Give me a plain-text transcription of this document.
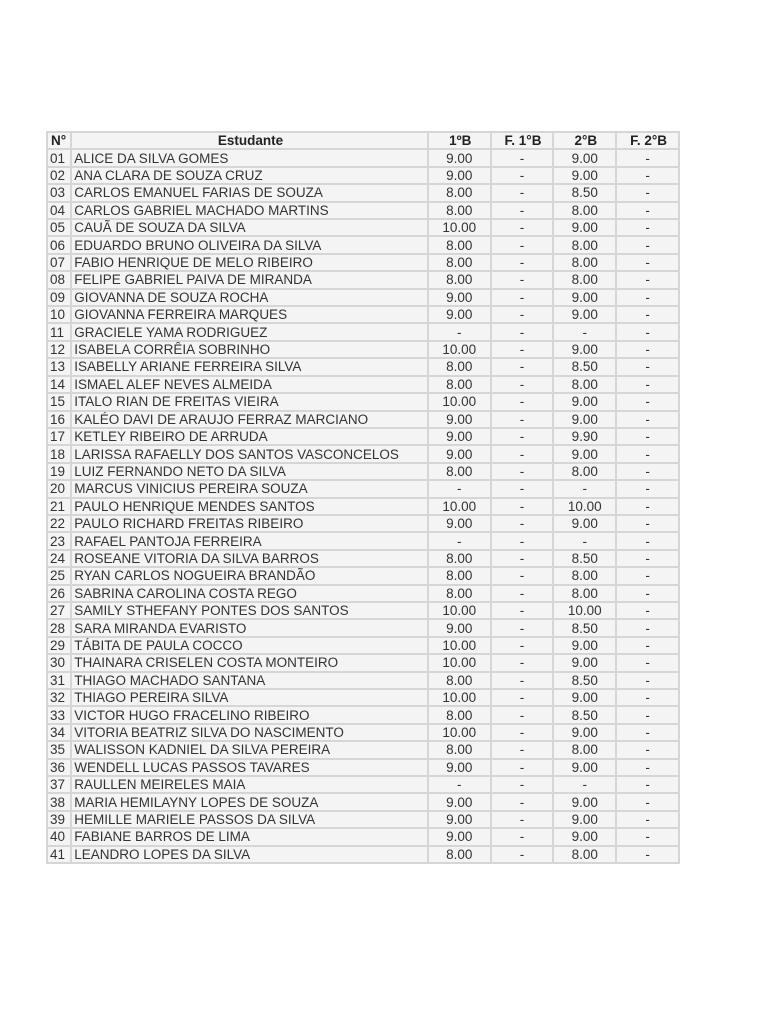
N°	Estudante	1ºB	F. 1°B	2°B	F. 2°B
01	ALICE DA SILVA GOMES	9.00	-	9.00	-
02	ANA CLARA DE SOUZA CRUZ	9.00	-	9.00	-
03	CARLOS EMANUEL FARIAS DE SOUZA	8.00	-	8.50	-
04	CARLOS GABRIEL MACHADO MARTINS	8.00	-	8.00	-
05	CAUÃ DE SOUZA DA SILVA	10.00	-	9.00	-
06	EDUARDO BRUNO OLIVEIRA DA SILVA	8.00	-	8.00	-
07	FABIO HENRIQUE DE MELO RIBEIRO	8.00	-	8.00	-
08	FELIPE GABRIEL PAIVA DE MIRANDA	8.00	-	8.00	-
09	GIOVANNA DE SOUZA ROCHA	9.00	-	9.00	-
10	GIOVANNA FERREIRA MARQUES	9.00	-	9.00	-
11	GRACIELE YAMA RODRIGUEZ	-	-	-	-
12	ISABELA CORRÊIA SOBRINHO	10.00	-	9.00	-
13	ISABELLY ARIANE FERREIRA SILVA	8.00	-	8.50	-
14	ISMAEL ALEF NEVES ALMEIDA	8.00	-	8.00	-
15	ITALO RIAN DE FREITAS VIEIRA	10.00	-	9.00	-
16	KALÉO DAVI DE ARAUJO FERRAZ MARCIANO	9.00	-	9.00	-
17	KETLEY RIBEIRO DE ARRUDA	9.00	-	9.90	-
18	LARISSA RAFAELLY DOS SANTOS VASCONCELOS	9.00	-	9.00	-
19	LUIZ FERNANDO NETO DA SILVA	8.00	-	8.00	-
20	MARCUS VINICIUS PEREIRA SOUZA	-	-	-	-
21	PAULO HENRIQUE MENDES SANTOS	10.00	-	10.00	-
22	PAULO RICHARD FREITAS RIBEIRO	9.00	-	9.00	-
23	RAFAEL PANTOJA FERREIRA	-	-	-	-
24	ROSEANE VITORIA DA SILVA BARROS	8.00	-	8.50	-
25	RYAN CARLOS NOGUEIRA BRANDÃO	8.00	-	8.00	-
26	SABRINA CAROLINA COSTA REGO	8.00	-	8.00	-
27	SAMILY STHEFANY PONTES DOS SANTOS	10.00	-	10.00	-
28	SARA MIRANDA EVARISTO	9.00	-	8.50	-
29	TÁBITA DE PAULA COCCO	10.00	-	9.00	-
30	THAINARA CRISELEN COSTA MONTEIRO	10.00	-	9.00	-
31	THIAGO MACHADO SANTANA	8.00	-	8.50	-
32	THIAGO PEREIRA SILVA	10.00	-	9.00	-
33	VICTOR HUGO FRACELINO RIBEIRO	8.00	-	8.50	-
34	VITORIA BEATRIZ SILVA DO NASCIMENTO	10.00	-	9.00	-
35	WALISSON KADNIEL DA SILVA PEREIRA	8.00	-	8.00	-
36	WENDELL LUCAS PASSOS TAVARES	9.00	-	9.00	-
37	RAULLEN MEIRELES MAIA	-	-	-	-
38	MARIA HEMILAYNY LOPES DE SOUZA	9.00	-	9.00	-
39	HEMILLE MARIELE PASSOS DA SILVA	9.00	-	9.00	-
40	FABIANE BARROS DE LIMA	9.00	-	9.00	-
41	LEANDRO LOPES DA SILVA	8.00	-	8.00	-
